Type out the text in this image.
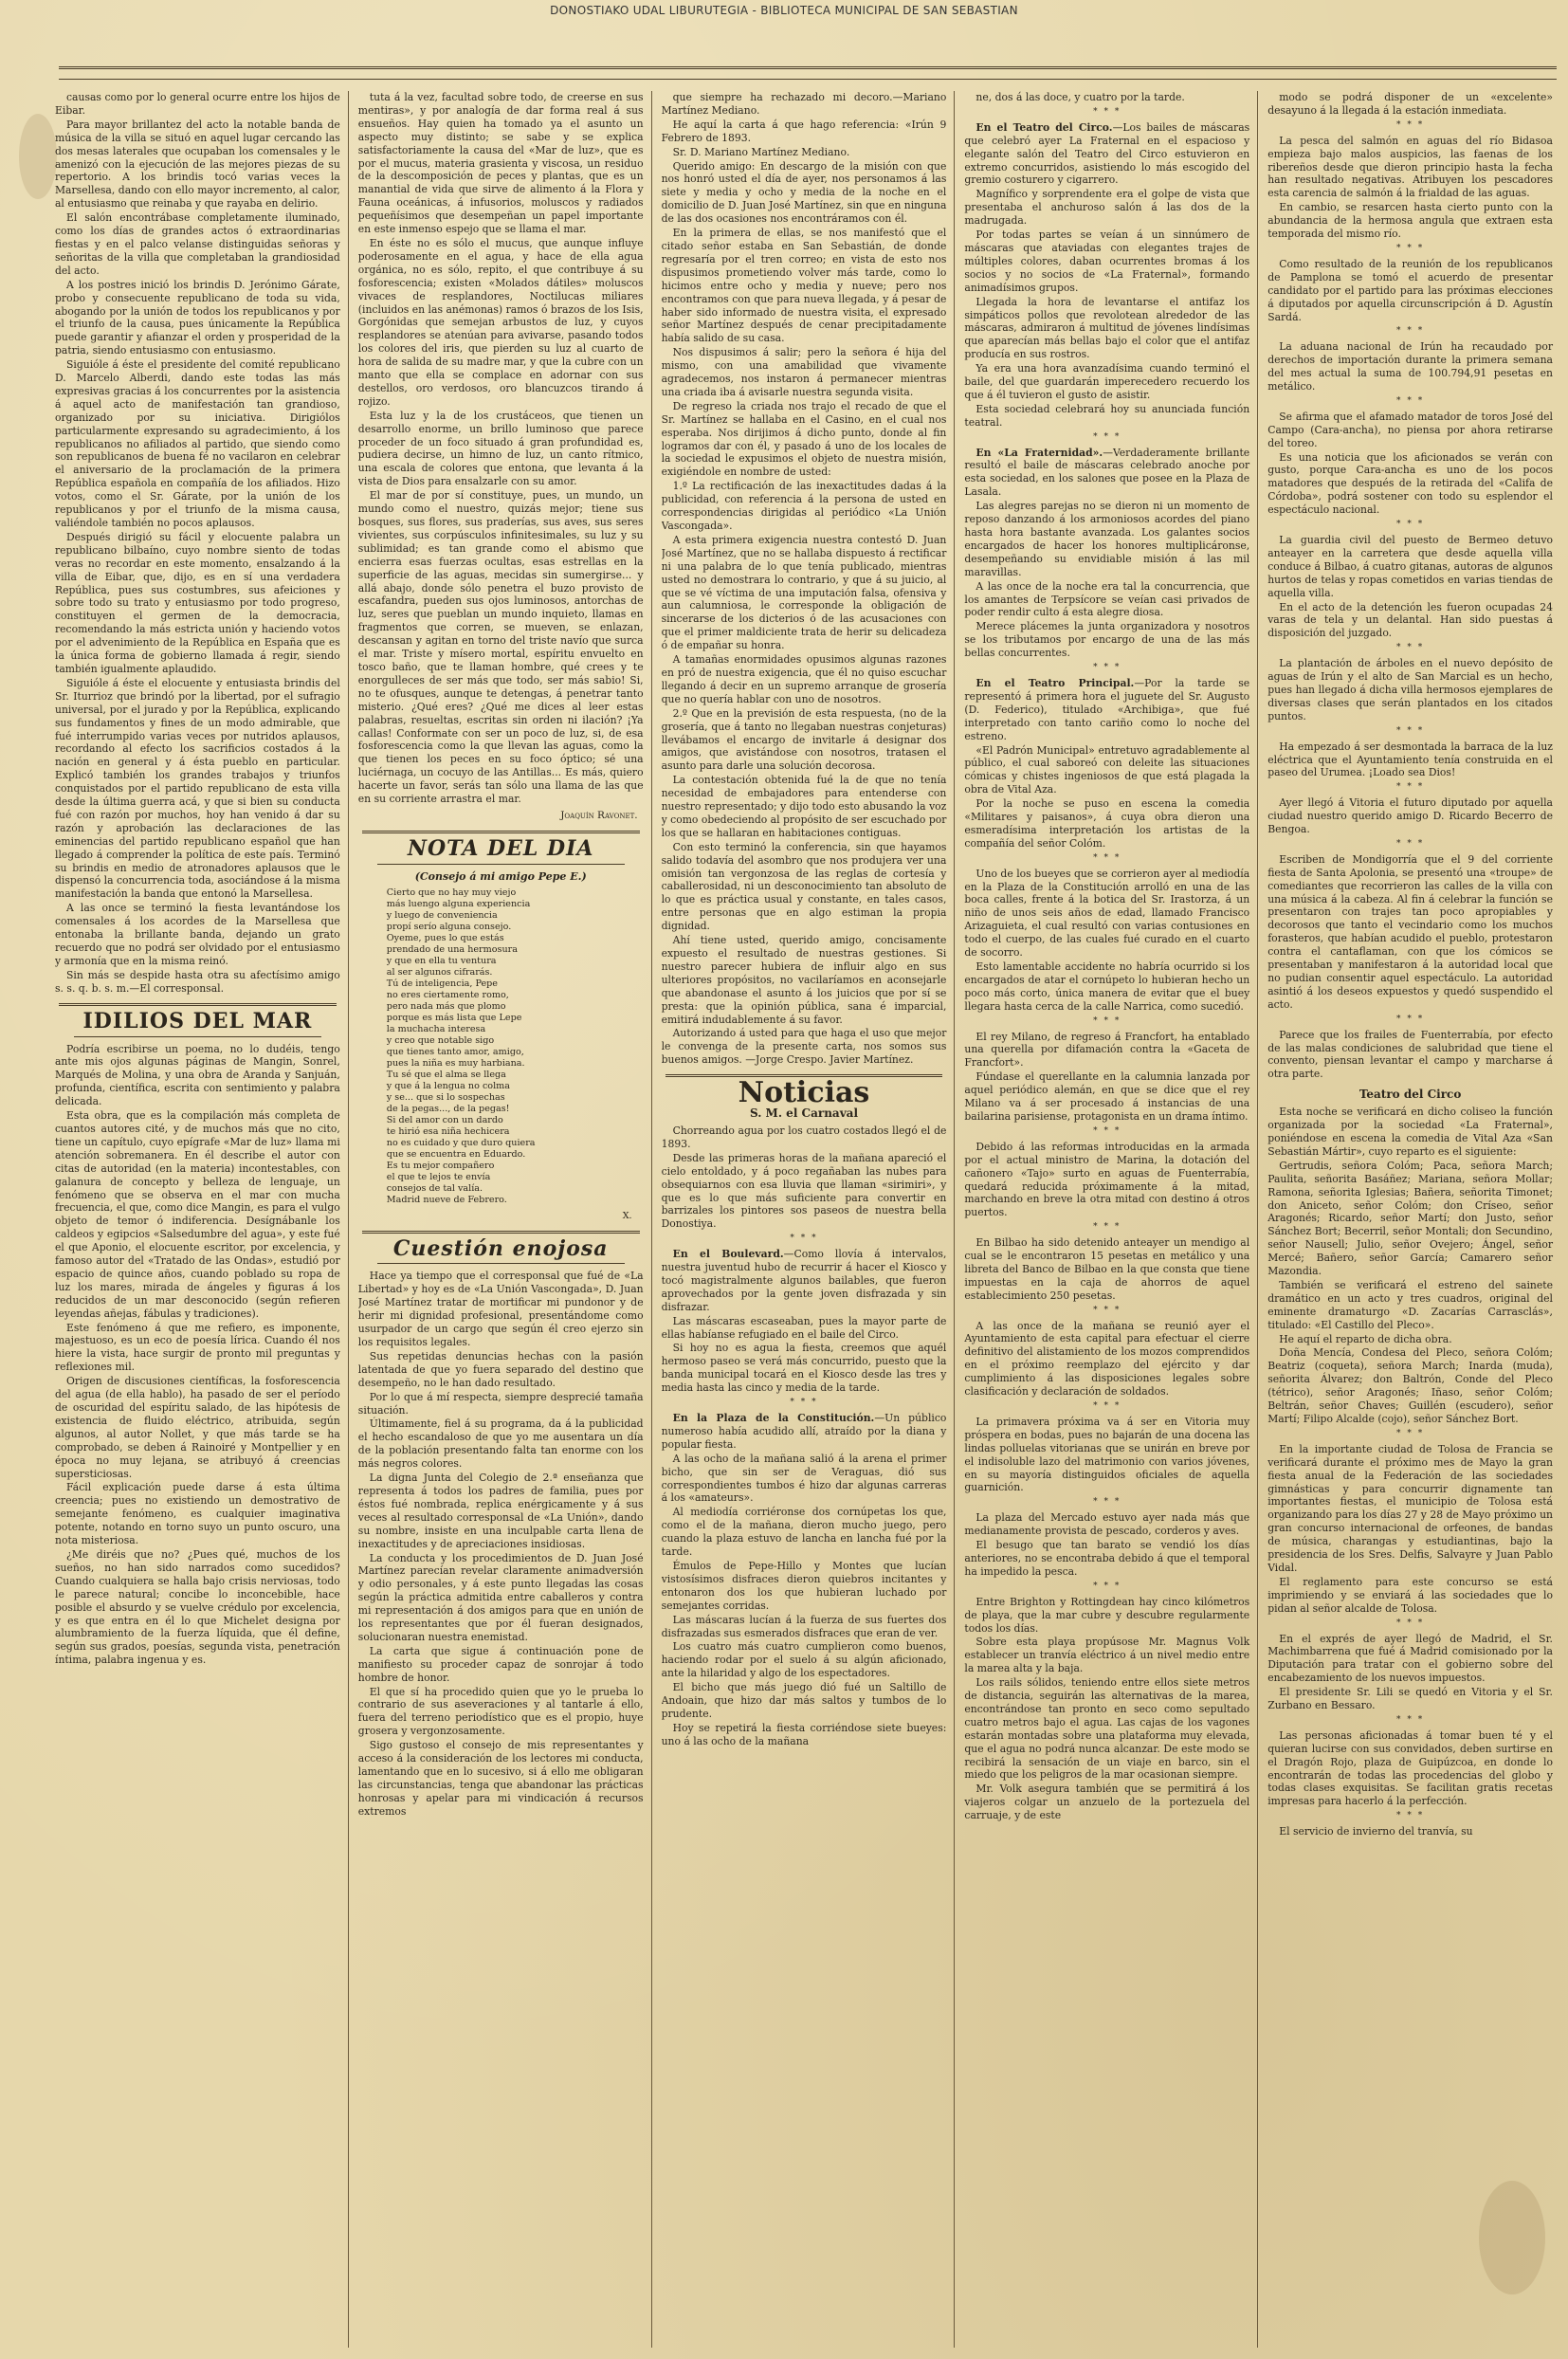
DONOSTIAKO UDAL LIBURUTEGIA - BIBLIOTECA MUNICIPAL DE SAN SEBASTIAN

causas como por lo general ocurre entre los hijos de Eibar.

Para mayor brillantez del acto la notable banda de música de la villa se situó en aquel lugar cercando las dos mesas laterales que ocupaban los comensales y le amenizó con la ejecución de las mejores piezas de su repertorio. A los brindis tocó varias veces la Marsellesa, dando con ello mayor incremento, al calor, al entusiasmo que reinaba y que rayaba en delirio.

El salón encontrábase completamente iluminado, como los días de grandes actos ó extraordinarias fiestas y en el palco velanse distinguidas señoras y señoritas de la villa que completaban la grandiosidad del acto.

A los postres inició los brindis D. Jerónimo Gárate, probo y consecuente republicano de toda su vida, abogando por la unión de todos los republicanos y por el triunfo de la causa, pues únicamente la República puede garantir y afianzar el orden y prosperidad de la patria, siendo entusiasmo con entusiasmo.

Siguióle á éste el presidente del comité republicano D. Marcelo Alberdi, dando este todas las más expresivas gracias á los concurrentes por la asistencia á aquel acto de manifestación tan grandioso, organizado por su iniciativa. Dirigiólos particularmente expresando su agradecimiento, á los republicanos no afiliados al partido, que siendo como son republicanos de buena fé no vacilaron en celebrar el aniversario de la proclamación de la primera República española en compañía de los afiliados. Hizo votos, como el Sr. Gárate, por la unión de los republicanos y por el triunfo de la misma causa, valiéndole también no pocos aplausos.

Después dirigió su fácil y elocuente palabra un republicano bilbaíno, cuyo nombre siento de todas veras no recordar en este momento, ensalzando á la villa de Eibar, que, dijo, es en sí una verdadera República, pues sus costumbres, sus afeiciones y sobre todo su trato y entusiasmo por todo progreso, constituyen el germen de la democracia, recomendando la más estricta unión y haciendo votos por el advenimiento de la República en España que es la única forma de gobierno llamada á regir, siendo también igualmente aplaudido.

Siguióle á éste el elocuente y entusiasta brindis del Sr. Iturrioz que brindó por la libertad, por el sufragio universal, por el jurado y por la República, explicando sus fundamentos y fines de un modo admirable, que fué interrumpido varias veces por nutridos aplausos, recordando al efecto los sacrificios costados á la nación en general y á ésta pueblo en particular. Explicó también los grandes trabajos y triunfos conquistados por el partido republicano de esta villa desde la última guerra acá, y que si bien su conducta fué con razón por muchos, hoy han venido á dar su razón y aprobación las declaraciones de las eminencias del partido republicano español que han llegado á comprender la política de este país. Terminó su brindis en medio de atronadores aplausos que le dispensó la concurrencia toda, asociándose á la misma manifestación la banda que entonó la Marsellesa.

A las once se terminó la fiesta levantándose los comensales á los acordes de la Marsellesa que entonaba la brillante banda, dejando un grato recuerdo que no podrá ser olvidado por el entusiasmo y armonía que en la misma reinó.

Sin más se despide hasta otra su afectísimo amigo s. s. q. b. s. m.—El corresponsal.

IDILIOS DEL MAR

Podría escribirse un poema, no lo dudéis, tengo ante mis ojos algunas páginas de Mangin, Sonrel, Marqués de Molina, y una obra de Aranda y Sanjuán, profunda, científica, escrita con sentimiento y palabra delicada.

Esta obra, que es la compilación más completa de cuantos autores cité, y de muchos más que no cito, tiene un capítulo, cuyo epígrafe «Mar de luz» llama mi atención sobremanera. En él describe el autor con citas de autoridad (en la materia) incontestables, con galanura de concepto y belleza de lenguaje, un fenómeno que se observa en el mar con mucha frecuencia, el que, como dice Mangin, es para el vulgo objeto de temor ó indiferencia. Desígnábanle los caldeos y egipcios «Salsedumbre del agua», y este fué el que Aponio, el elocuente escritor, por excelencia, y famoso autor del «Tratado de las Ondas», estudió por espacio de quince años, cuando poblado su ropa de luz los mares, mirada de ángeles y figuras á los reducidos de un mar desconocido (según refieren leyendas añejas, fábulas y tradiciones).

Este fenómeno á que me refiero, es imponente, majestuoso, es un eco de poesía lírica. Cuando él nos hiere la vista, hace surgir de pronto mil preguntas y reflexiones mil.

Origen de discusiones científicas, la fosforescencia del agua (de ella hablo), ha pasado de ser el período de oscuridad del espíritu salado, de las hipótesis de existencia de fluido eléctrico, atribuida, según algunos, al autor Nollet, y que más tarde se ha comprobado, se deben á Rainoiré y Montpellier y en época no muy lejana, se atribuyó á creencias supersticiosas.

Fácil explicación puede darse á esta última creencia; pues no existiendo un demostrativo de semejante fenómeno, es cualquier imaginativa potente, notando en torno suyo un punto oscuro, una nota misteriosa.

¿Me diréis que no? ¿Pues qué, muchos de los sueños, no han sido narrados como sucedidos? Cuando cualquiera se halla bajo crisis nerviosas, todo le parece natural; concibe lo inconcebible, hace posible el absurdo y se vuelve crédulo por excelencia, y es que entra en él lo que Michelet designa por alumbramiento de la fuerza líquida, que él define, según sus grados, poesías, segunda vista, penetración íntima, palabra ingenua y es.

tuta á la vez, facultad sobre todo, de creerse en sus mentiras», y por analogía de dar forma real á sus ensueños. Hay quien ha tomado ya el asunto un aspecto muy distinto; se sabe y se explica satisfactoriamente la causa del «Mar de luz», que es por el mucus, materia grasienta y viscosa, un residuo de la descomposición de peces y plantas, que es un manantial de vida que sirve de alimento á la Flora y Fauna oceánicas, á infusorios, moluscos y radiados pequeñísimos que desempeñan un papel importante en este inmenso espejo que se llama el mar.

En éste no es sólo el mucus, que aunque influye poderosamente en el agua, y hace de ella agua orgánica, no es sólo, repito, el que contribuye á su fosforescencia; existen «Molados dátiles» moluscos vivaces de resplandores, Noctilucas miliares (incluidos en las anémonas) ramos ó brazos de los Isis, Gorgónidas que semejan arbustos de luz, y cuyos resplandores se atenúan para avivarse, pasando todos los colores del iris, que pierden su luz al cuarto de hora de salida de su madre mar, y que la cubre con un manto que ella se complace en adornar con sus destellos, oro verdosos, oro blancuzcos tirando á rojizo.

Esta luz y la de los crustáceos, que tienen un desarrollo enorme, un brillo luminoso que parece proceder de un foco situado á gran profundidad es, pudiera decirse, un himno de luz, un canto rítmico, una escala de colores que entona, que levanta á la vista de Dios para ensalzarle con su amor.

El mar de por sí constituye, pues, un mundo, un mundo como el nuestro, quizás mejor; tiene sus bosques, sus flores, sus praderías, sus aves, sus seres vivientes, sus corpúsculos infinitesimales, su luz y su sublimidad; es tan grande como el abismo que encierra esas fuerzas ocultas, esas estrellas en la superficie de las aguas, mecidas sin sumergirse... y allá abajo, donde sólo penetra el buzo provisto de escafandra, pueden sus ojos luminosos, antorchas de luz, seres que pueblan un mundo inquieto, llamas en fragmentos que corren, se mueven, se enlazan, descansan y agitan en torno del triste navío que surca el mar. Triste y mísero mortal, espíritu envuelto en tosco baño, que te llaman hombre, qué crees y te enorgulleces de ser más que todo, ser más sabio! Si, no te ofusques, aunque te detengas, á penetrar tanto misterio. ¿Qué eres? ¿Qué me dices al leer estas palabras, resueltas, escritas sin orden ni ilación? ¡Ya callas! Conformate con ser un poco de luz, si, de esa fosforescencia como la que llevan las aguas, como la que tienen los peces en su foco óptico; sé una luciérnaga, un cocuyo de las Antillas... Es más, quiero hacerte un favor, serás tan sólo una llama de las que en su corriente arrastra el mar.

Joaquín Ravonet.
NOTA DEL DIA
(Consejo á mi amigo Pepe E.)
Cierto que no hay muy viejo
más luengo alguna experiencia
y luego de conveniencia
propí serío alguna consejo.
Oyeme, pues lo que estás
prendado de una hermosura
y que en ella tu ventura
al ser algunos cifrarás.
Tú de inteligencia, Pepe
no eres ciertamente romo,
pero nada más que plomo
porque es más lista que Lepe
la muchacha interesa
y creo que notable sigo
que tienes tanto amor, amigo,
pues la niña es muy harbiana.
Tu sé que el alma se llega
y que á la lengua no colma
y se... que si lo sospechas
de la pegas..., de la pegas!
Si del amor con un dardo
te hirió esa niña hechicera
no es cuidado y que duro quiera
que se encuentra en Eduardo.
Es tu mejor compañero
el que te lejos te envía
consejos de tal valía.
Madrid nueve de Febrero.
X.
Cuestión enojosa

Hace ya tiempo que el corresponsal que fué de «La Libertad» y hoy es de «La Unión Vascongada», D. Juan José Martínez tratar de mortificar mi pundonor y de herir mi dignidad profesional, presentándome como usurpador de un cargo que según él creo ejerzo sin los requisitos legales.

Sus repetidas denuncias hechas con la pasión latentada de que yo fuera separado del destino que desempeño, no le han dado resultado.

Por lo que á mí respecta, siempre desprecié tamaña situación.

Últimamente, fiel á su programa, da á la publicidad el hecho escandaloso de que yo me ausentara un día de la población presentando falta tan enorme con los más negros colores.

La digna Junta del Colegio de 2.ª enseñanza que representa á todos los padres de familia, pues por éstos fué nombrada, replica enérgicamente y á sus veces al resultado corresponsal de «La Unión», dando su nombre, insiste en una inculpable carta llena de inexactitudes y de apreciaciones insidiosas.

La conducta y los procedimientos de D. Juan José Martínez parecían revelar claramente animadversión y odio personales, y á este punto llegadas las cosas según la práctica admitida entre caballeros y contra mi representación á dos amigos para que en unión de los representantes que por él fueran designados, solucionaran nuestra enemistad.

La carta que sigue á continuación pone de manifiesto su proceder capaz de sonrojar á todo hombre de honor.

El que sí ha procedido quien que yo le prueba lo contrario de sus aseveraciones y al tantarle á ello, fuera del terreno periodístico que es el propio, huye grosera y vergonzosamente.

Sigo gustoso el consejo de mis representantes y acceso á la consideración de los lectores mi conducta, lamentando que en lo sucesivo, si á ello me obligaran las circunstancias, tenga que abandonar las prácticas honrosas y apelar para mi vindicación á recursos extremos

que siempre ha rechazado mi decoro.—Mariano Martínez Mediano.

He aquí la carta á que hago referencia: «Irún 9 Febrero de 1893.

Sr. D. Mariano Martínez Mediano.

Querido amigo: En descargo de la misión con que nos honró usted el día de ayer, nos personamos á las siete y media y ocho y media de la noche en el domicilio de D. Juan José Martínez, sin que en ninguna de las dos ocasiones nos encontráramos con él.

En la primera de ellas, se nos manifestó que el citado señor estaba en San Sebastián, de donde regresaría por el tren correo; en vista de esto nos dispusimos prometiendo volver más tarde, como lo hicimos entre ocho y media y nueve; pero nos encontramos con que para nueva llegada, y á pesar de haber sido informado de nuestra visita, el expresado señor Martínez después de cenar precipitadamente había salido de su casa.

Nos dispusimos á salir; pero la señora é hija del mismo, con una amabilidad que vivamente agradecemos, nos instaron á permanecer mientras una criada iba á avisarle nuestra segunda visita.

De regreso la criada nos trajo el recado de que el Sr. Martínez se hallaba en el Casino, en el cual nos esperaba. Nos dirijimos á dicho punto, donde al fin logramos dar con él, y pasado á uno de los locales de la sociedad le expusimos el objeto de nuestra misión, exigiéndole en nombre de usted:

1.º La rectificación de las inexactitudes dadas á la publicidad, con referencia á la persona de usted en correspondencias dirigidas al periódico «La Unión Vascongada».

A esta primera exigencia nuestra contestó D. Juan José Martínez, que no se hallaba dispuesto á rectificar ni una palabra de lo que tenía publicado, mientras usted no demostrara lo contrario, y que á su juicio, al que se vé víctima de una imputación falsa, ofensiva y aun calumniosa, le corresponde la obligación de sincerarse de los dicterios ó de las acusaciones con que el primer maldiciente trata de herir su delicadeza ó de empañar su honra.

A tamañas enormidades opusimos algunas razones en pró de nuestra exigencia, que él no quiso escuchar llegando á decir en un supremo arranque de grosería que no quería hablar con uno de nosotros.

2.º Que en la previsión de esta respuesta, (no de la grosería, que á tanto no llegaban nuestras conjeturas) llevábamos el encargo de invitarle á designar dos amigos, que avistándose con nosotros, tratasen el asunto para darle una solución decorosa.

La contestación obtenida fué la de que no tenía necesidad de embajadores para entenderse con nuestro representado; y dijo todo esto abusando la voz y como obedeciendo al propósito de ser escuchado por los que se hallaran en habitaciones contiguas.

Con esto terminó la conferencia, sin que hayamos salido todavía del asombro que nos produjera ver una omisión tan vergonzosa de las reglas de cortesía y caballerosidad, ni un desconocimiento tan absoluto de lo que es práctica usual y constante, en tales casos, entre personas que en algo estiman la propia dignidad.

Ahí tiene usted, querido amigo, concisamente expuesto el resultado de nuestras gestiones. Si nuestro parecer hubiera de influir algo en sus ulteriores propósitos, no vacilaríamos en aconsejarle que abandonase el asunto á los juicios que por sí se presta: que la opinión pública, sana é imparcial, emitirá indudablemente á su favor.

Autorizando á usted para que haga el uso que mejor le convenga de la presente carta, nos somos sus buenos amigos. —Jorge Crespo. Javier Martínez.

Noticias
S. M. el Carnaval

Chorreando agua por los cuatro costados llegó el de 1893.

Desde las primeras horas de la mañana apareció el cielo entoldado, y á poco regañaban las nubes para obsequiarnos con esa lluvia que llaman «sirimiri», y que es lo que más suficiente para convertir en barrizales los pintores sos paseos de nuestra bella Donostiya.

* * *

En el Boulevard.—Como llovía á intervalos, nuestra juventud hubo de recurrir á hacer el Kiosco y tocó magistralmente algunos bailables, que fueron aprovechados por la gente joven disfrazada y sin disfrazar.

Las máscaras escaseaban, pues la mayor parte de ellas habíanse refugiado en el baile del Circo.

Si hoy no es agua la fiesta, creemos que aquél hermoso paseo se verá más concurrido, puesto que la banda municipal tocará en el Kiosco desde las tres y media hasta las cinco y media de la tarde.

* * *

En la Plaza de la Constitución.—Un público numeroso había acudido allí, atraído por la diana y popular fiesta.

A las ocho de la mañana salió á la arena el primer bicho, que sin ser de Veraguas, dió sus correspondientes tumbos é hizo dar algunas carreras á los «amateurs».

Al mediodía corriéronse dos cornúpetas los que, como el de la mañana, dieron mucho juego, pero cuando la plaza estuvo de lancha en lancha fué por la tarde.

Émulos de Pepe-Hillo y Montes que lucían vistosísimos disfraces dieron quiebros incitantes y entonaron dos los que hubieran luchado por semejantes corridas.

Las máscaras lucían á la fuerza de sus fuertes dos disfrazadas sus esmerados disfraces que eran de ver.

Los cuatro más cuatro cumplieron como buenos, haciendo rodar por el suelo á su algún aficionado, ante la hilaridad y algo de los espectadores.

El bicho que más juego dió fué un Saltillo de Andoain, que hizo dar más saltos y tumbos de lo prudente.

Hoy se repetirá la fiesta corriéndose siete bueyes: uno á las ocho de la mañana

ne, dos á las doce, y cuatro por la tarde.

* * *

En el Teatro del Circo.—Los bailes de máscaras que celebró ayer La Fraternal en el espacioso y elegante salón del Teatro del Circo estuvieron en extremo concurridos, asistiendo lo más escogido del gremio costurero y cigarrero.

Magnífico y sorprendente era el golpe de vista que presentaba el anchuroso salón á las dos de la madrugada.

Por todas partes se veían á un sinnúmero de máscaras que ataviadas con elegantes trajes de múltiples colores, daban ocurrentes bromas á los socios y no socios de «La Fraternal», formando animadísimos grupos.

Llegada la hora de levantarse el antifaz los simpáticos pollos que revolotean alrededor de las máscaras, admiraron á multitud de jóvenes lindísimas que aparecían más bellas bajo el color que el antifaz producía en sus rostros.

Ya era una hora avanzadísima cuando terminó el baile, del que guardarán imperecedero recuerdo los que á él tuvieron el gusto de asistir.

Esta sociedad celebrará hoy su anunciada función teatral.

* * *

En «La Fraternidad».—Verdaderamente brillante resultó el baile de máscaras celebrado anoche por esta sociedad, en los salones que posee en la Plaza de Lasala.

Las alegres parejas no se dieron ni un momento de reposo danzando á los armoniosos acordes del piano hasta hora bastante avanzada. Los galantes socios encargados de hacer los honores multiplicáronse, desempeñando su envidiable misión á las mil maravillas.

A las once de la noche era tal la concurrencia, que los amantes de Terpsícore se veían casi privados de poder rendir culto á esta alegre diosa.

Merece plácemes la junta organizadora y nosotros se los tributamos por encargo de una de las más bellas concurrentes.

* * *

En el Teatro Principal.—Por la tarde se representó á primera hora el juguete del Sr. Augusto (D. Federico), titulado «Archibiga», que fué interpretado con tanto cariño como lo noche del estreno.

«El Padrón Municipal» entretuvo agradablemente al público, el cual saboreó con deleite las situaciones cómicas y chistes ingeniosos de que está plagada la obra de Vital Aza.

Por la noche se puso en escena la comedia «Militares y paisanos», á cuya obra dieron una esmeradísima interpretación los artistas de la compañía del señor Colóm.

* * *

Uno de los bueyes que se corrieron ayer al mediodía en la Plaza de la Constitución arrolló en una de las boca calles, frente á la botica del Sr. Irastorza, á un niño de unos seis años de edad, llamado Francisco Arizaguieta, el cual resultó con varias contusiones en todo el cuerpo, de las cuales fué curado en el cuarto de socorro.

Esto lamentable accidente no habría ocurrido si los encargados de atar el cornúpeto lo hubieran hecho un poco más corto, única manera de evitar que el buey llegara hasta cerca de la calle Narrica, como sucedió.

* * *

El rey Milano, de regreso á Francfort, ha entablado una querella por difamación contra la «Gaceta de Francfort».

Fúndase el querellante en la calumnia lanzada por aquel periódico alemán, en que se dice que el rey Milano va á ser procesado á instancias de una bailarina parisiense, protagonista en un drama íntimo.

* * *

Debido á las reformas introducidas en la armada por el actual ministro de Marina, la dotación del cañonero «Tajo» surto en aguas de Fuenterrabía, quedará reducida próximamente á la mitad, marchando en breve la otra mitad con destino á otros puertos.

* * *

En Bilbao ha sido detenido anteayer un mendigo al cual se le encontraron 15 pesetas en metálico y una libreta del Banco de Bilbao en la que consta que tiene impuestas en la caja de ahorros de aquel establecimiento 250 pesetas.

* * *

A las once de la mañana se reunió ayer el Ayuntamiento de esta capital para efectuar el cierre definitivo del alistamiento de los mozos comprendidos en el próximo reemplazo del ejército y dar cumplimiento á las disposiciones legales sobre clasificación y declaración de soldados.

* * *

La primavera próxima va á ser en Vitoria muy próspera en bodas, pues no bajarán de una docena las lindas polluelas vitorianas que se unirán en breve por el indisoluble lazo del matrimonio con varios jóvenes, en su mayoría distinguidos oficiales de aquella guarnición.

* * *

La plaza del Mercado estuvo ayer nada más que medianamente provista de pescado, corderos y aves.

El besugo que tan barato se vendió los días anteriores, no se encontraba debido á que el temporal ha impedido la pesca.

* * *

Entre Brighton y Rottingdean hay cinco kilómetros de playa, que la mar cubre y descubre regularmente todos los días.

Sobre esta playa propúsose Mr. Magnus Volk establecer un tranvía eléctrico á un nivel medio entre la marea alta y la baja.

Los rails sólidos, teniendo entre ellos siete metros de distancia, seguirán las alternativas de la marea, encontrándose tan pronto en seco como sepultado cuatro metros bajo el agua. Las cajas de los vagones estarán montadas sobre una plataforma muy elevada, que el agua no podrá nunca alcanzar. De este modo se recibirá la sensación de un viaje en barco, sin el miedo que los peligros de la mar ocasionan siempre.

Mr. Volk asegura también que se permitirá á los viajeros colgar un anzuelo de la portezuela del carruaje, y de este

modo se podrá disponer de un «excelente» desayuno á la llegada á la estación inmediata.

* * *

La pesca del salmón en aguas del río Bidasoa empieza bajo malos auspicios, las faenas de los ribereños desde que dieron principio hasta la fecha han resultado negativas. Atribuyen los pescadores esta carencia de salmón á la frialdad de las aguas.

En cambio, se resarcen hasta cierto punto con la abundancia de la hermosa angula que extraen esta temporada del mismo río.

* * *

Como resultado de la reunión de los republicanos de Pamplona se tomó el acuerdo de presentar candidato por el partido para las próximas elecciones á diputados por aquella circunscripción á D. Agustín Sardá.

* * *

La aduana nacional de Irún ha recaudado por derechos de importación durante la primera semana del mes actual la suma de 100.794,91 pesetas en metálico.

* * *

Se afirma que el afamado matador de toros José del Campo (Cara-ancha), no piensa por ahora retirarse del toreo.

Es una noticia que los aficionados se verán con gusto, porque Cara-ancha es uno de los pocos matadores que después de la retirada del «Califa de Córdoba», podrá sostener con todo su esplendor el espectáculo nacional.

* * *

La guardia civil del puesto de Bermeo detuvo anteayer en la carretera que desde aquella villa conduce á Bilbao, á cuatro gitanas, autoras de algunos hurtos de telas y ropas cometidos en varias tiendas de aquella villa.

En el acto de la detención les fueron ocupadas 24 varas de tela y un delantal. Han sido puestas á disposición del juzgado.

* * *

La plantación de árboles en el nuevo depósito de aguas de Irún y el alto de San Marcial es un hecho, pues han llegado á dicha villa hermosos ejemplares de diversas clases que serán plantados en los citados puntos.

* * *

Ha empezado á ser desmontada la barraca de la luz eléctrica que el Ayuntamiento tenía construida en el paseo del Urumea. ¡Loado sea Dios!

* * *

Ayer llegó á Vitoria el futuro diputado por aquella ciudad nuestro querido amigo D. Ricardo Becerro de Bengoa.

* * *

Escriben de Mondigorría que el 9 del corriente fiesta de Santa Apolonia, se presentó una «troupe» de comediantes que recorrieron las calles de la villa con una música á la cabeza. Al fin á celebrar la función se presentaron con trajes tan poco apropiables y decorosos que tanto el vecindario como los muchos forasteros, que habían acudido el pueblo, protestaron contra el cantaflaman, con que los cómicos se presentaban y manifestaron á la autoridad local que no pudian consentir aquel espectáculo. La autoridad asintió á los deseos expuestos y quedó suspendido el acto.

* * *

Parece que los frailes de Fuenterrabía, por efecto de las malas condiciones de salubridad que tiene el convento, piensan levantar el campo y marcharse á otra parte.

Teatro del Circo

Esta noche se verificará en dicho coliseo la función organizada por la sociedad «La Fraternal», poniéndose en escena la comedia de Vital Aza «San Sebastián Mártir», cuyo reparto es el siguiente:

Gertrudis, señora Colóm; Paca, señora March; Paulita, señorita Basáñez; Mariana, señora Mollar; Ramona, señorita Iglesias; Bañera, señorita Timonet; don Aniceto, señor Colóm; don Críseo, señor Aragonés; Ricardo, señor Martí; don Justo, señor Sánchez Bort; Becerril, señor Montali; don Secundino, señor Nausell; Julio, señor Ovejero; Ángel, señor Mercé; Bañero, señor García; Camarero señor Mazondia.

También se verificará el estreno del sainete dramático en un acto y tres cuadros, original del eminente dramaturgo «D. Zacarías Carrasclás», titulado: «El Castillo del Pleco».

He aquí el reparto de dicha obra.

Doña Mencía, Condesa del Pleco, señora Colóm; Beatriz (coqueta), señora March; Inarda (muda), señorita Álvarez; don Baltrón, Conde del Pleco (tétrico), señor Aragonés; Iñaso, señor Colóm; Beltrán, señor Chaves; Guillén (escudero), señor Martí; Filipo Alcalde (cojo), señor Sánchez Bort.

* * *

En la importante ciudad de Tolosa de Francia se verificará durante el próximo mes de Mayo la gran fiesta anual de la Federación de las sociedades gimnásticas y para concurrir dignamente tan importantes fiestas, el municipio de Tolosa está organizando para los días 27 y 28 de Mayo próximo un gran concurso internacional de orfeones, de bandas de música, charangas y estudiantinas, bajo la presidencia de los Sres. Delfis, Salvayre y Juan Pablo Vidal.

El reglamento para este concurso se está imprimiendo y se enviará á las sociedades que lo pidan al señor alcalde de Tolosa.

* * *

En el exprés de ayer llegó de Madrid, el Sr. Machimbarrena que fué á Madrid comisionado por la Diputación para tratar con el gobierno sobre del encabezamiento de los nuevos impuestos.

El presidente Sr. Lili se quedó en Vitoria y el Sr. Zurbano en Bessaro.

* * *

Las personas aficionadas á tomar buen té y el quieran lucirse con sus convidados, deben surtirse en el Dragón Rojo, plaza de Guipúzcoa, en donde lo encontrarán de todas las procedencias del globo y todas clases exquisitas. Se facilitan gratis recetas impresas para hacerlo á la perfección.

* * *

El servicio de invierno del tranvía, su
